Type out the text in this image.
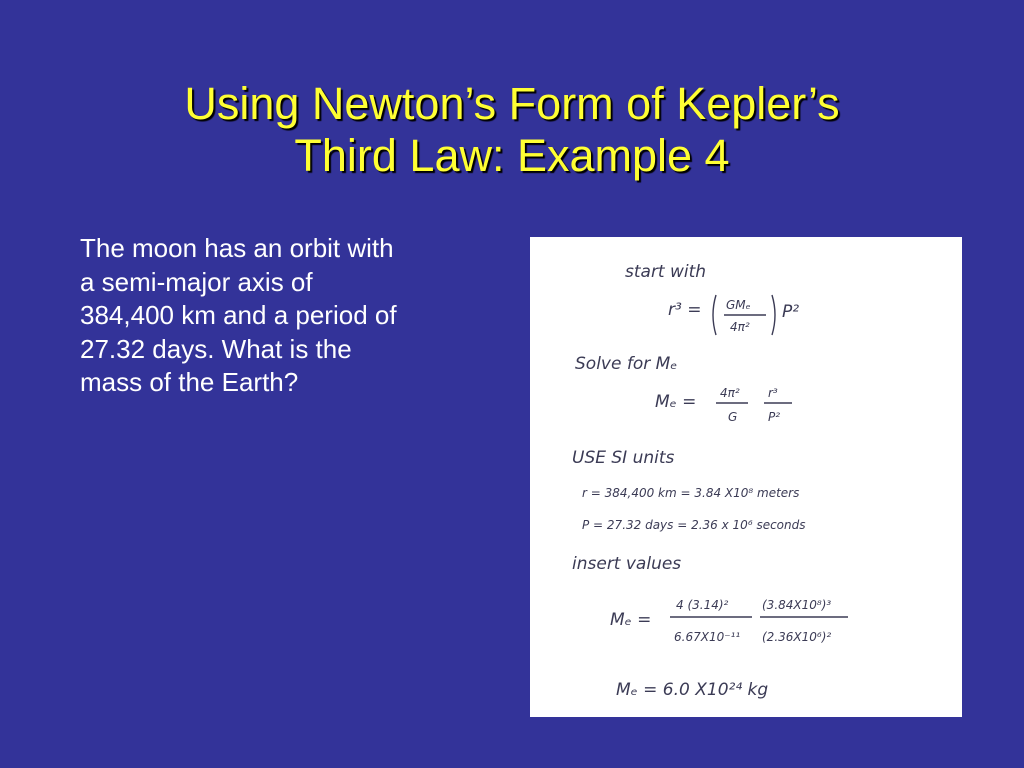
Using Newton’s Form of Kepler’s
Third Law: Example 4
The moon has an orbit with
a semi-major axis of
384,400 km and a period of
27.32 days. What is the
mass of the Earth?
start with
r³ = GMₑ
4π²
P²
Solve for Mₑ
Mₑ = 4π²
G
r³
P²
USE SI units
r = 384,400 km = 3.84 X10⁸ meters
P = 27.32 days = 2.36 x 10⁶ seconds
insert values
Mₑ =
4 (3.14)²
6.67X10⁻¹¹
(3.84X10⁸)³
(2.36X10⁶)²
Mₑ = 6.0 X10²⁴ kg
